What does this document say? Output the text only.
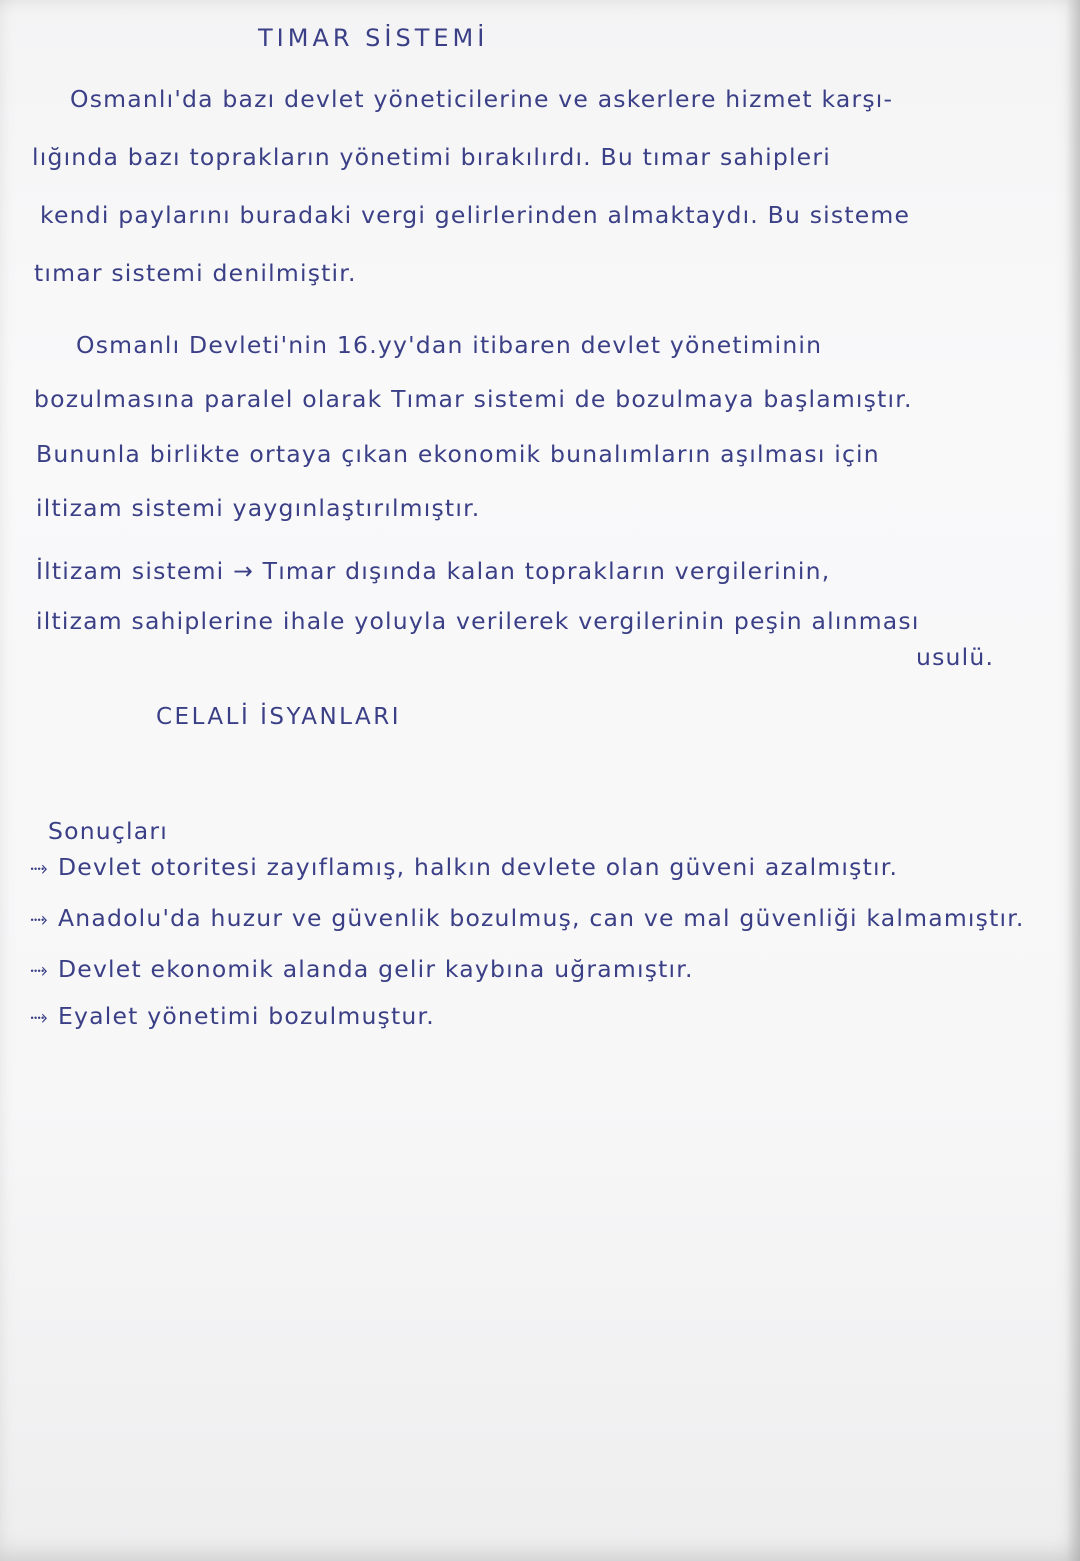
TIMAR SİSTEMİ
Osmanlı'da bazı devlet yöneticilerine ve askerlere hizmet karşı-
lığında bazı toprakların yönetimi bırakılırdı. Bu tımar sahipleri
kendi paylarını buradaki vergi gelirlerinden almaktaydı. Bu sisteme
tımar sistemi denilmiştir.
Osmanlı Devleti'nin 16.yy'dan itibaren devlet yönetiminin
bozulmasına paralel olarak Tımar sistemi de bozulmaya başlamıştır.
Bununla birlikte ortaya çıkan ekonomik bunalımların aşılması için
iltizam sistemi yaygınlaştırılmıştır.
İltizam sistemi → Tımar dışında kalan toprakların vergilerinin,
iltizam sahiplerine ihale yoluyla verilerek vergilerinin peşin alınması
usulü.
CELALİ İSYANLARI
Sonuçları
⤑ Devlet otoritesi zayıflamış, halkın devlete olan güveni azalmıştır.
⤑ Anadolu'da huzur ve güvenlik bozulmuş, can ve mal güvenliği kalmamıştır.
⤑ Devlet ekonomik alanda gelir kaybına uğramıştır.
⤑ Eyalet yönetimi bozulmuştur.
